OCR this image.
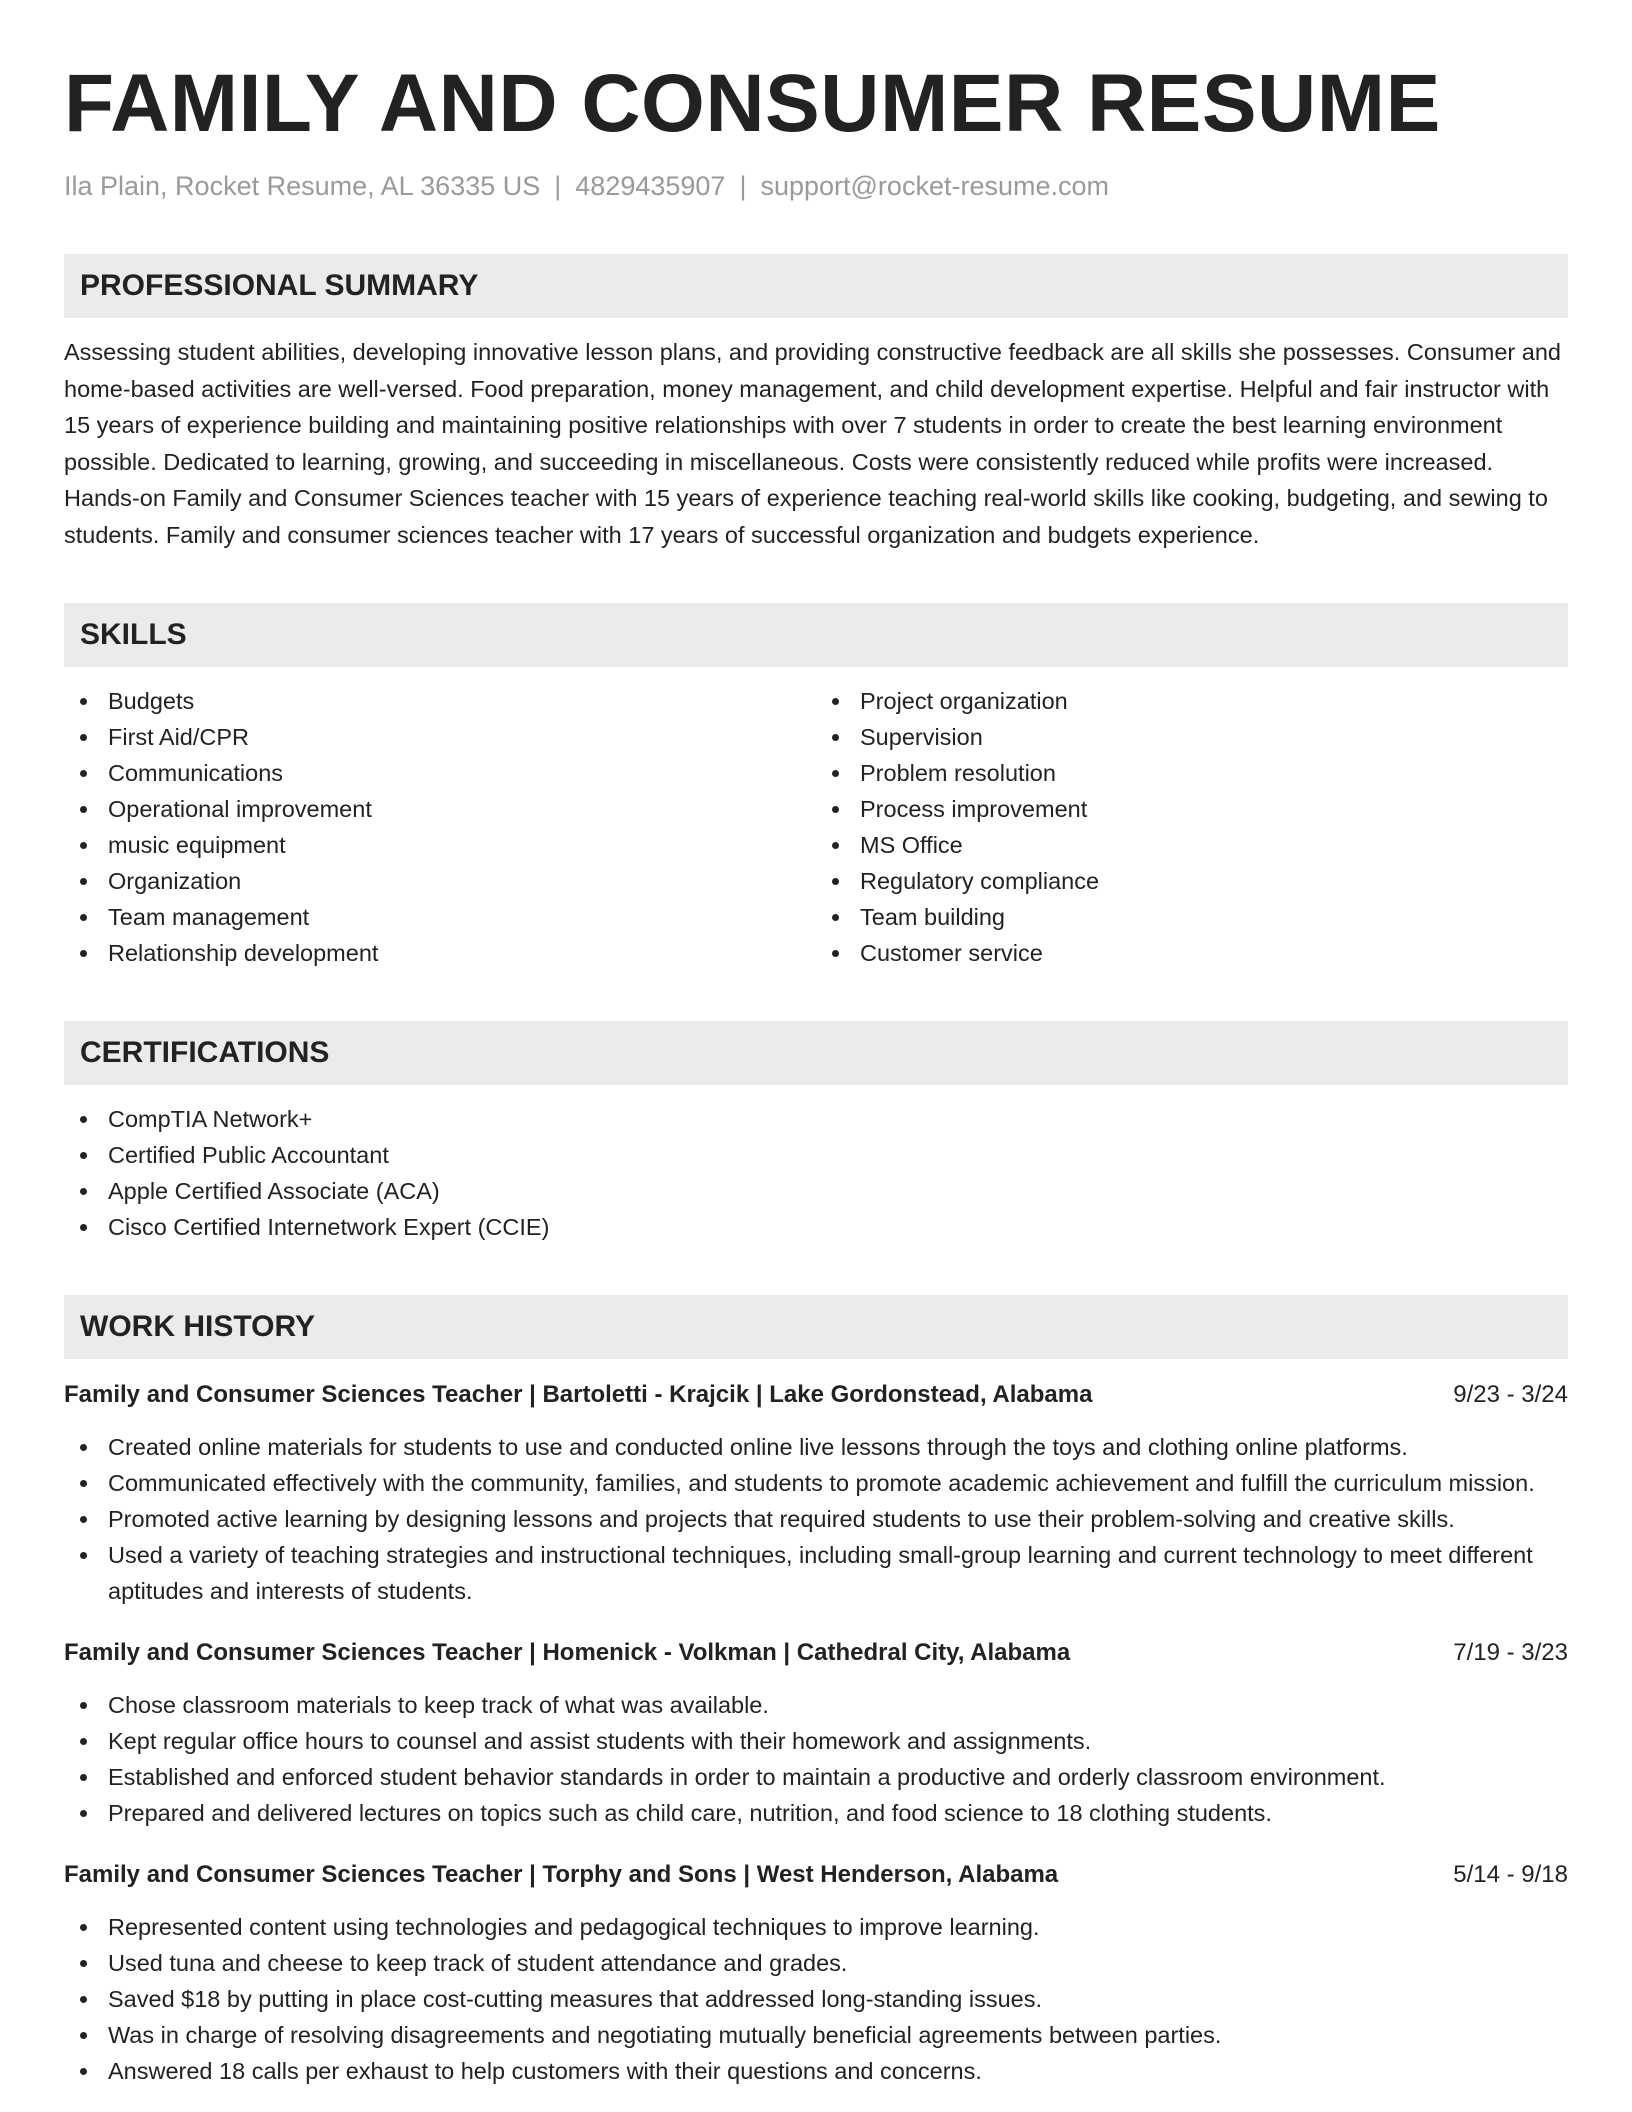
FAMILY AND CONSUMER RESUME
Ila Plain, Rocket Resume, AL 36335 US | 4829435907 | support@rocket-resume.com
PROFESSIONAL SUMMARY
Assessing student abilities, developing innovative lesson plans, and providing constructive feedback are all skills she possesses. Consumer and home-based activities are well-versed. Food preparation, money management, and child development expertise. Helpful and fair instructor with 15 years of experience building and maintaining positive relationships with over 7 students in order to create the best learning environment possible. Dedicated to learning, growing, and succeeding in miscellaneous. Costs were consistently reduced while profits were increased. Hands-on Family and Consumer Sciences teacher with 15 years of experience teaching real-world skills like cooking, budgeting, and sewing to students. Family and consumer sciences teacher with 17 years of successful organization and budgets experience.
SKILLS
Budgets
First Aid/CPR
Communications
Operational improvement
music equipment
Organization
Team management
Relationship development
Project organization
Supervision
Problem resolution
Process improvement
MS Office
Regulatory compliance
Team building
Customer service
CERTIFICATIONS
CompTIA Network+
Certified Public Accountant
Apple Certified Associate (ACA)
Cisco Certified Internetwork Expert (CCIE)
WORK HISTORY
Family and Consumer Sciences Teacher | Bartoletti - Krajcik | Lake Gordonstead, Alabama	9/23 - 3/24
Created online materials for students to use and conducted online live lessons through the toys and clothing online platforms.
Communicated effectively with the community, families, and students to promote academic achievement and fulfill the curriculum mission.
Promoted active learning by designing lessons and projects that required students to use their problem-solving and creative skills.
Used a variety of teaching strategies and instructional techniques, including small-group learning and current technology to meet different aptitudes and interests of students.
Family and Consumer Sciences Teacher | Homenick - Volkman | Cathedral City, Alabama	7/19 - 3/23
Chose classroom materials to keep track of what was available.
Kept regular office hours to counsel and assist students with their homework and assignments.
Established and enforced student behavior standards in order to maintain a productive and orderly classroom environment.
Prepared and delivered lectures on topics such as child care, nutrition, and food science to 18 clothing students.
Family and Consumer Sciences Teacher | Torphy and Sons | West Henderson, Alabama	5/14 - 9/18
Represented content using technologies and pedagogical techniques to improve learning.
Used tuna and cheese to keep track of student attendance and grades.
Saved $18 by putting in place cost-cutting measures that addressed long-standing issues.
Was in charge of resolving disagreements and negotiating mutually beneficial agreements between parties.
Answered 18 calls per exhaust to help customers with their questions and concerns.
